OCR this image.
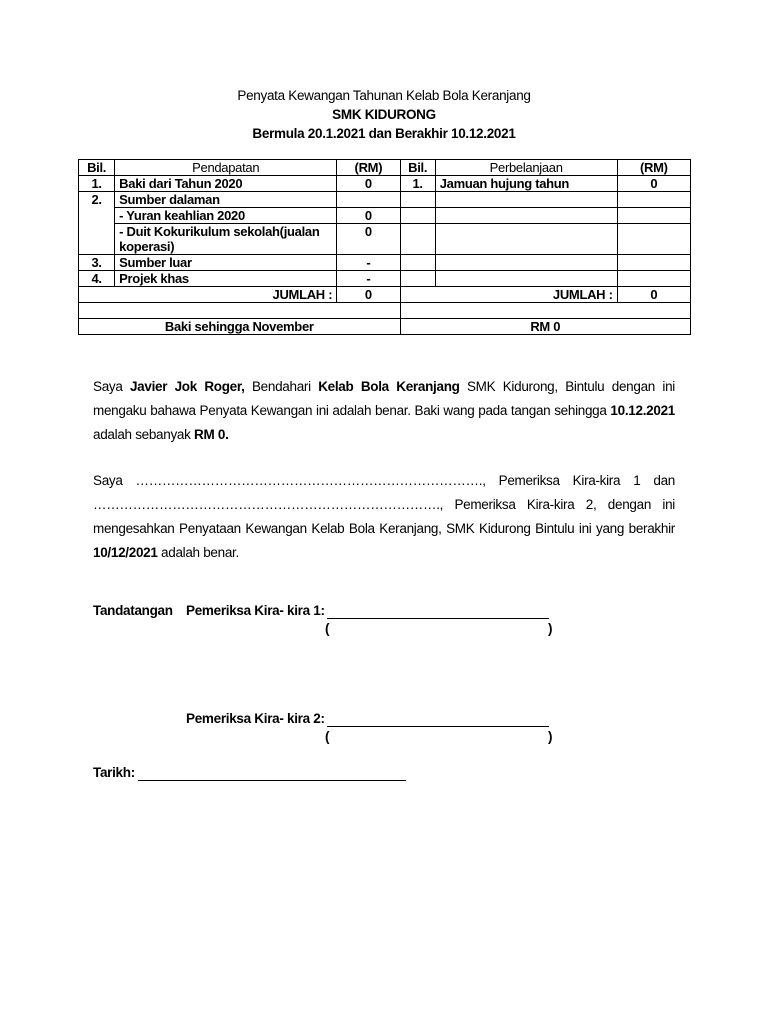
Penyata Kewangan Tahunan Kelab Bola Keranjang
SMK KIDURONG
Bermula 20.1.2021 dan Berakhir 10.12.2021
Bil.	Pendapatan	(RM)	Bil.	Perbelanjaan	(RM)
1.	Baki dari Tahun 2020	0	1.	Jamuan hujung tahun	0
2.	Sumber dalaman				
	- Yuran keahlian 2020	0			
	- Duit Kokurikulum sekolah(jualan koperasi)	0			
3.	Sumber luar	-			
4.	Projek khas	-			
JUMLAH :		0	JUMLAH :		0

Baki sehingga November			RM 0		
Saya Javier Jok Roger, Bendahari Kelab Bola Keranjang SMK Kidurong, Bintulu dengan ini mengaku bahawa Penyata Kewangan ini adalah benar. Baki wang pada tangan sehingga 10.12.2021 adalah sebanyak RM 0.
Saya ……………………………………………………………………., Pemeriksa Kira-kira 1 dan ……………………………………………………………………., Pemeriksa Kira-kira 2, dengan ini mengesahkan Penyataan Kewangan Kelab Bola Keranjang, SMK Kidurong Bintulu ini yang berakhir 10/12/2021 adalah benar.
Tandatangan Pemeriksa Kira- kira 1:
(	)
Pemeriksa Kira- kira 2:
(	)
Tarikh:
